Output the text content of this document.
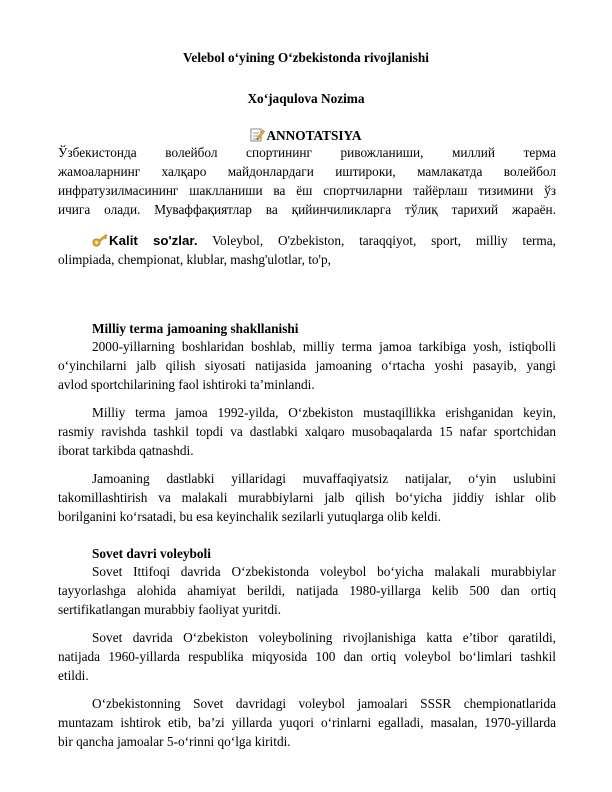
Velebol o‘yining O‘zbekistonda rivojlanishi
Xo‘jaqulova Nozima
ANNOTATSIYA
Ўзбекистонда волейбол спортининг ривожланиши, миллий терма
жамоаларнинг халқаро майдонлардаги иштироки, мамлакатда волейбол
инфратузилмасининг шаклланиши ва ёш спортчиларни тайёрлаш тизимини ўз
ичига олади. Муваффақиятлар ва қийинчиликларга тўлиқ тарихий жараён.
Kalit so'zlar. Voleybol, O'zbekiston, taraqqiyot, sport, milliy terma,
olimpiada, chempionat, klublar, mashg'ulotlar, to'p,
Milliy terma jamoaning shakllanishi
2000-yillarning boshlaridan boshlab, milliy terma jamoa tarkibiga yosh, istiqbolli
o‘yinchilarni jalb qilish siyosati natijasida jamoaning o‘rtacha yoshi pasayib, yangi
avlod sportchilarining faol ishtiroki ta’minlandi.
Milliy terma jamoa 1992-yilda, O‘zbekiston mustaqillikka erishganidan keyin,
rasmiy ravishda tashkil topdi va dastlabki xalqaro musobaqalarda 15 nafar sportchidan
iborat tarkibda qatnashdi.
Jamoaning dastlabki yillaridagi muvaffaqiyatsiz natijalar, o‘yin uslubini
takomillashtirish va malakali murabbiylarni jalb qilish bo‘yicha jiddiy ishlar olib
borilganini ko‘rsatadi, bu esa keyinchalik sezilarli yutuqlarga olib keldi.
Sovet davri voleyboli
Sovet Ittifoqi davrida O‘zbekistonda voleybol bo‘yicha malakali murabbiylar
tayyorlashga alohida ahamiyat berildi, natijada 1980-yillarga kelib 500 dan ortiq
sertifikatlangan murabbiy faoliyat yuritdi.
Sovet davrida O‘zbekiston voleybolining rivojlanishiga katta e’tibor qaratildi,
natijada 1960-yillarda respublika miqyosida 100 dan ortiq voleybol bo‘limlari tashkil
etildi.
O‘zbekistonning Sovet davridagi voleybol jamoalari SSSR chempionatlarida
muntazam ishtirok etib, ba’zi yillarda yuqori o‘rinlarni egalladi, masalan, 1970-yillarda
bir qancha jamoalar 5-o‘rinni qo‘lga kiritdi.
